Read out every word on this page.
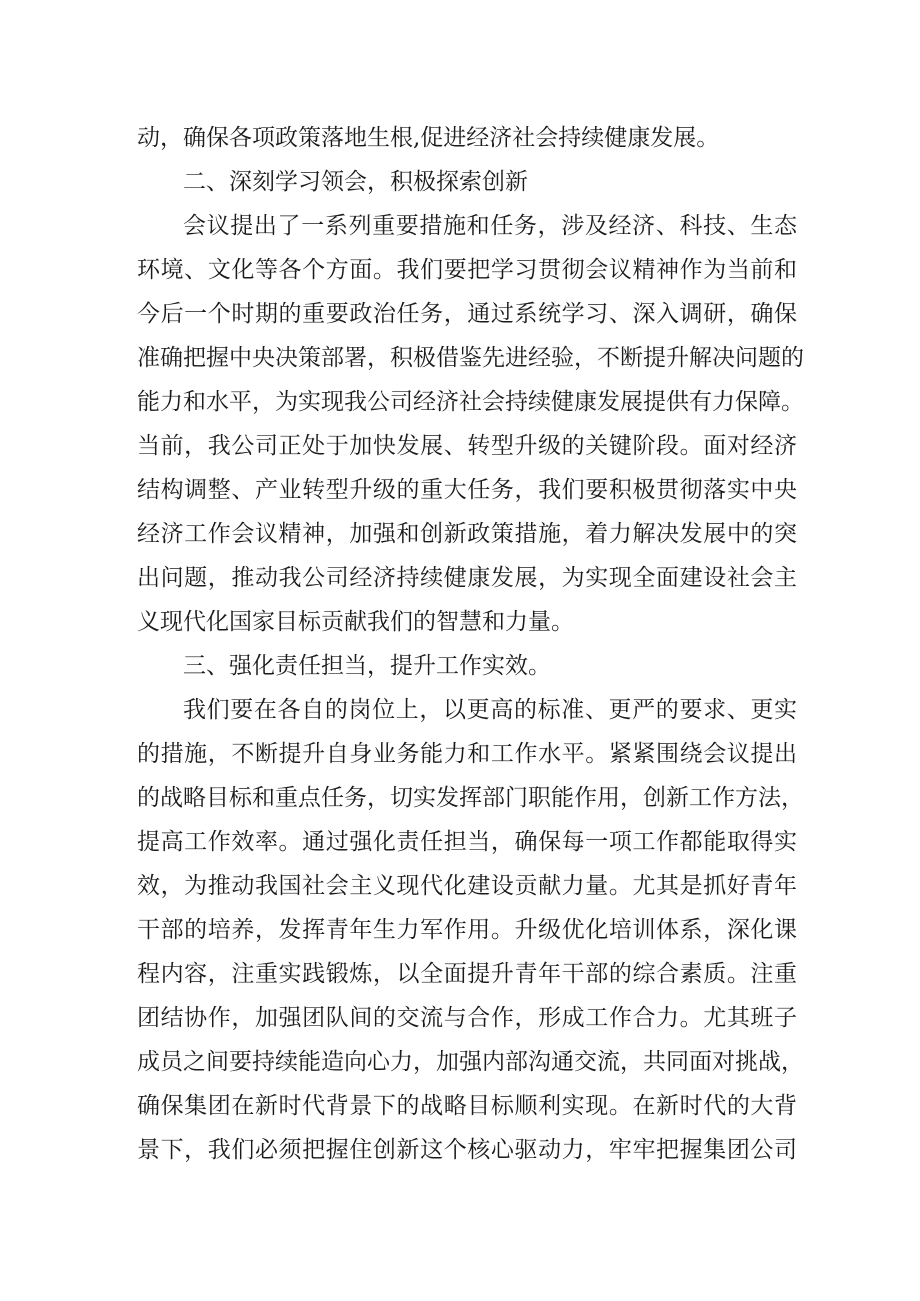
动，确保各项政策落地生根,促进经济社会持续健康发展。
二、深刻学习领会，积极探索创新
会议提出了一系列重要措施和任务，涉及经济、科技、生态
环境、文化等各个方面。我们要把学习贯彻会议精神作为当前和
今后一个时期的重要政治任务，通过系统学习、深入调研，确保
准确把握中央决策部署，积极借鉴先进经验，不断提升解决问题的
能力和水平，为实现我公司经济社会持续健康发展提供有力保障。
当前，我公司正处于加快发展、转型升级的关键阶段。面对经济
结构调整、产业转型升级的重大任务，我们要积极贯彻落实中央
经济工作会议精神，加强和创新政策措施，着力解决发展中的突
出问题，推动我公司经济持续健康发展，为实现全面建设社会主
义现代化国家目标贡献我们的智慧和力量。
三、强化责任担当，提升工作实效。
我们要在各自的岗位上，以更高的标准、更严的要求、更实
的措施，不断提升自身业务能力和工作水平。紧紧围绕会议提出
的战略目标和重点任务，切实发挥部门职能作用，创新工作方法，
提高工作效率。通过强化责任担当，确保每一项工作都能取得实
效，为推动我国社会主义现代化建设贡献力量。尤其是抓好青年
干部的培养，发挥青年生力军作用。升级优化培训体系，深化课
程内容，注重实践锻炼，以全面提升青年干部的综合素质。注重
团结协作，加强团队间的交流与合作，形成工作合力。尤其班子
成员之间要持续能造向心力，加强内部沟通交流，共同面对挑战，
确保集团在新时代背景下的战略目标顺利实现。在新时代的大背
景下，我们必须把握住创新这个核心驱动力，牢牢把握集团公司
